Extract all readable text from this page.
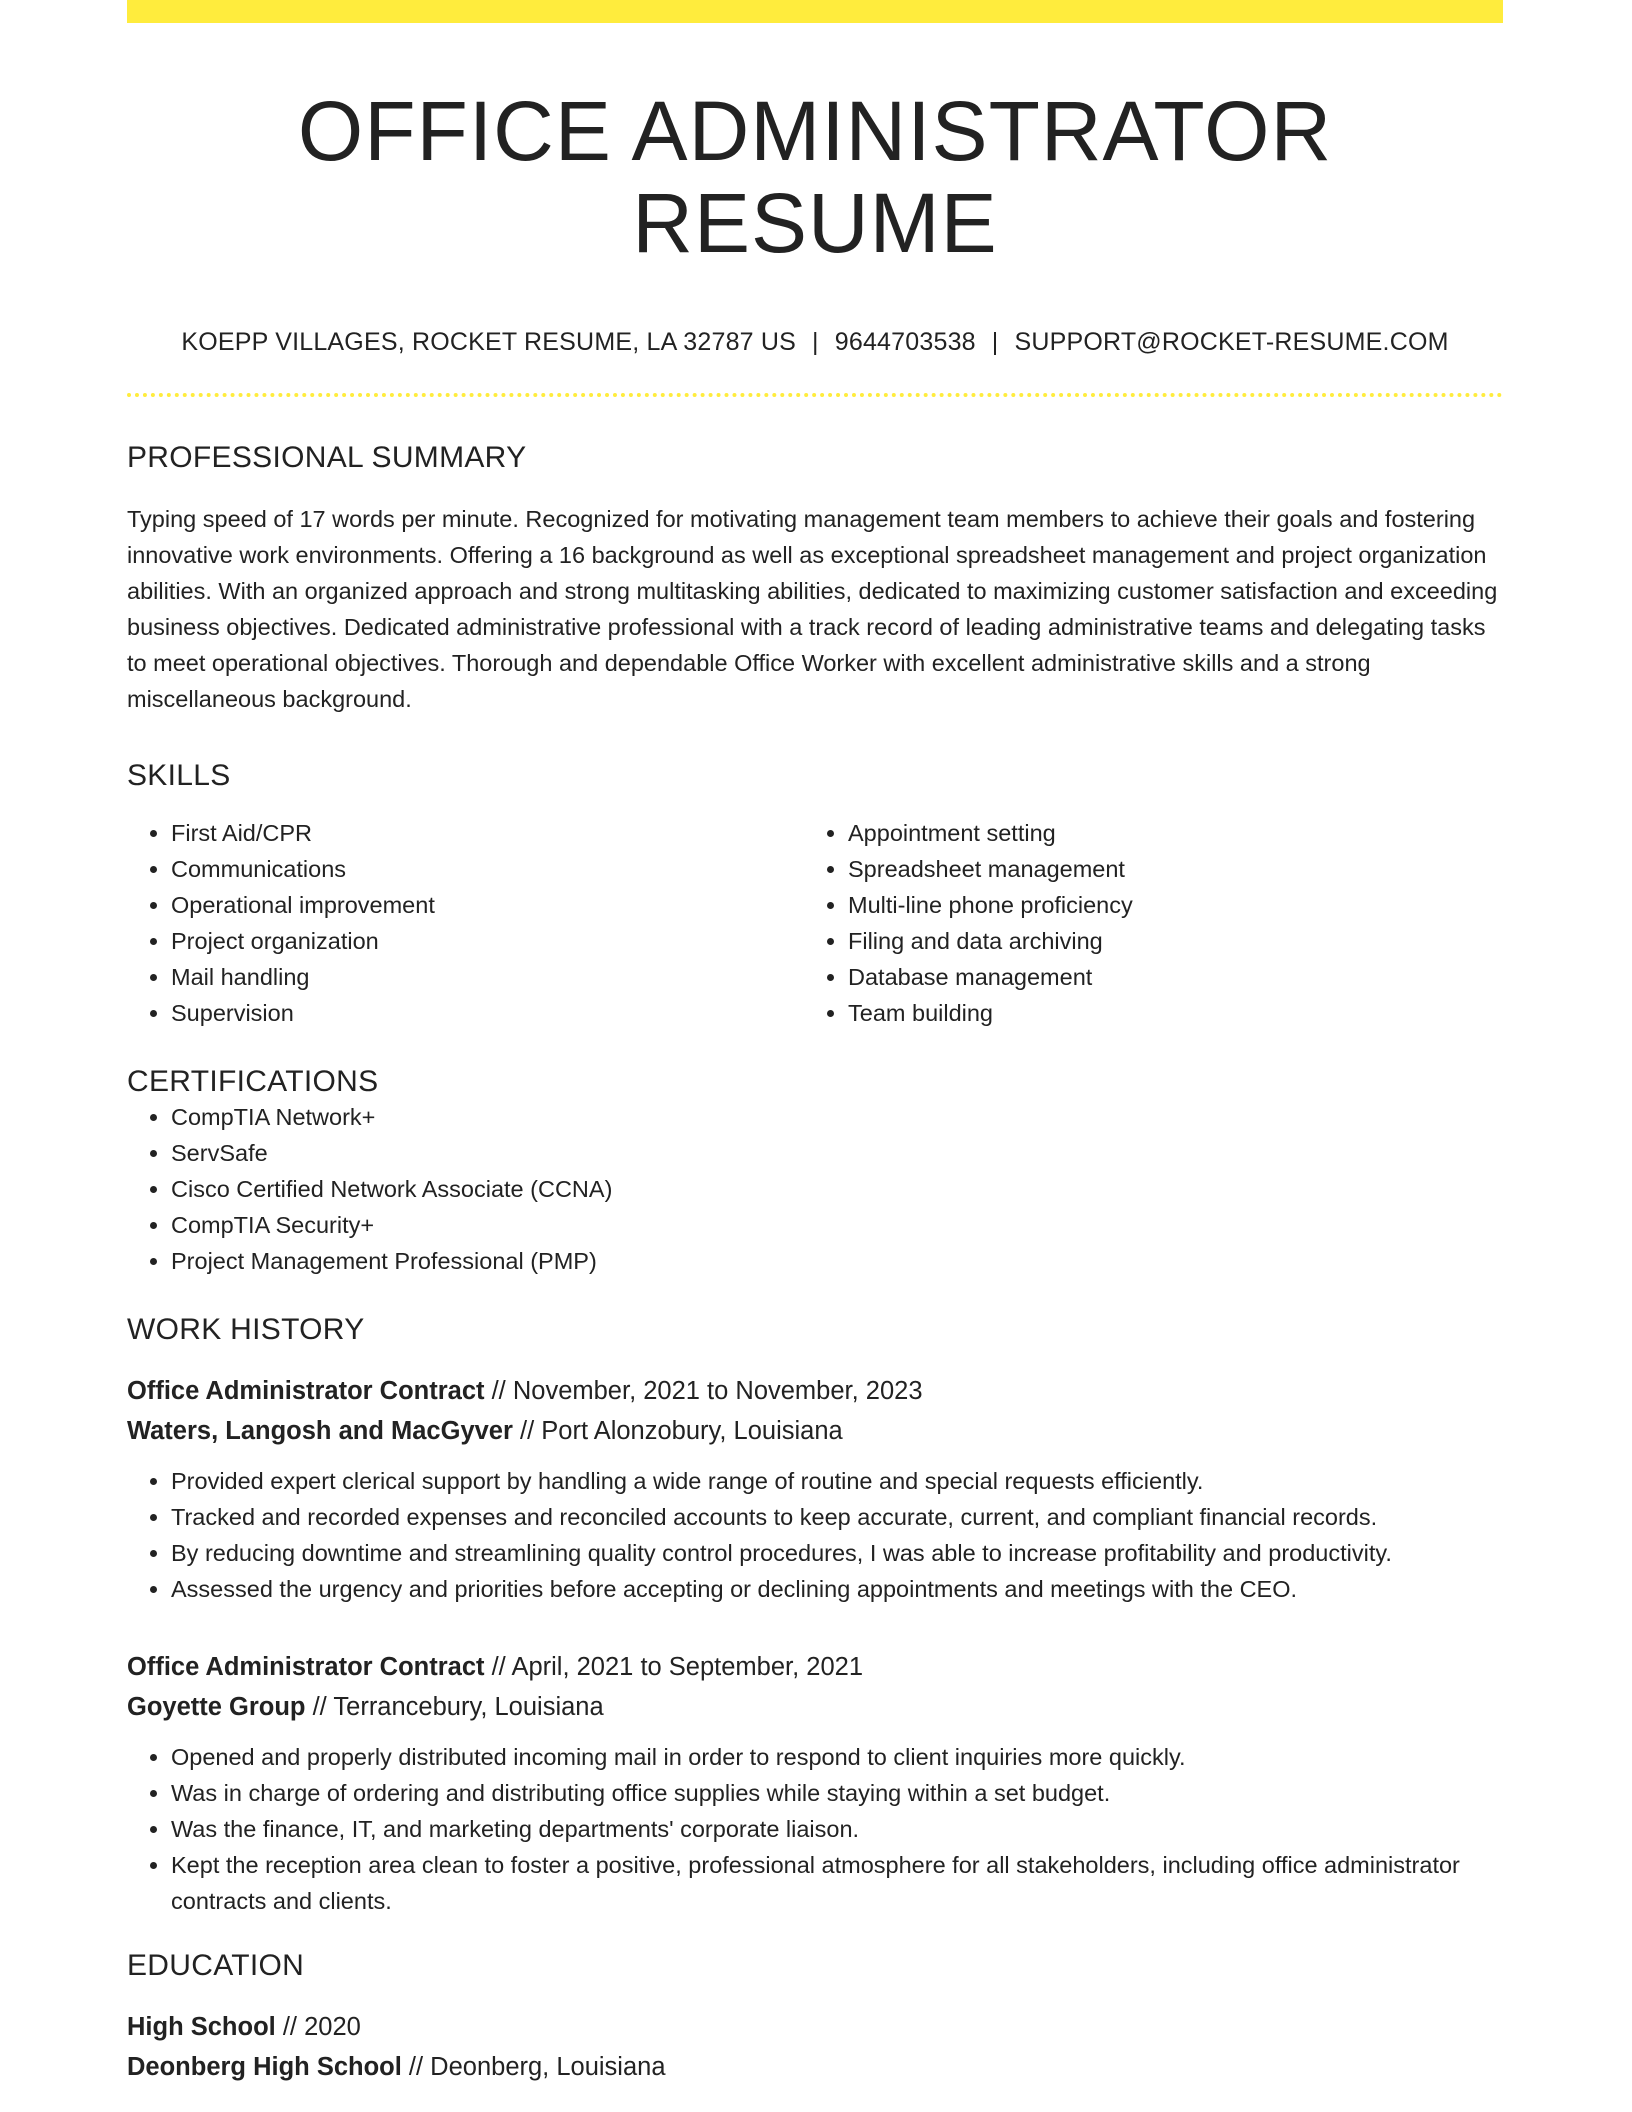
OFFICE ADMINISTRATOR RESUME
KOEPP VILLAGES, ROCKET RESUME, LA 32787 US | 9644703538 | SUPPORT@ROCKET-RESUME.COM
PROFESSIONAL SUMMARY
Typing speed of 17 words per minute. Recognized for motivating management team members to achieve their goals and fostering innovative work environments. Offering a 16 background as well as exceptional spreadsheet management and project organization abilities. With an organized approach and strong multitasking abilities, dedicated to maximizing customer satisfaction and exceeding business objectives. Dedicated administrative professional with a track record of leading administrative teams and delegating tasks to meet operational objectives. Thorough and dependable Office Worker with excellent administrative skills and a strong miscellaneous background.
SKILLS
• First Aid/CPR
• Communications
• Operational improvement
• Project organization
• Mail handling
• Supervision
• Appointment setting
• Spreadsheet management
• Multi-line phone proficiency
• Filing and data archiving
• Database management
• Team building
CERTIFICATIONS
• CompTIA Network+
• ServSafe
• Cisco Certified Network Associate (CCNA)
• CompTIA Security+
• Project Management Professional (PMP)
WORK HISTORY
Office Administrator Contract // November, 2021 to November, 2023
Waters, Langosh and MacGyver // Port Alonzobury, Louisiana
• Provided expert clerical support by handling a wide range of routine and special requests efficiently.
• Tracked and recorded expenses and reconciled accounts to keep accurate, current, and compliant financial records.
• By reducing downtime and streamlining quality control procedures, I was able to increase profitability and productivity.
• Assessed the urgency and priorities before accepting or declining appointments and meetings with the CEO.
Office Administrator Contract // April, 2021 to September, 2021
Goyette Group // Terrancebury, Louisiana
• Opened and properly distributed incoming mail in order to respond to client inquiries more quickly.
• Was in charge of ordering and distributing office supplies while staying within a set budget.
• Was the finance, IT, and marketing departments' corporate liaison.
• Kept the reception area clean to foster a positive, professional atmosphere for all stakeholders, including office administrator contracts and clients.
EDUCATION
High School // 2020
Deonberg High School // Deonberg, Louisiana
